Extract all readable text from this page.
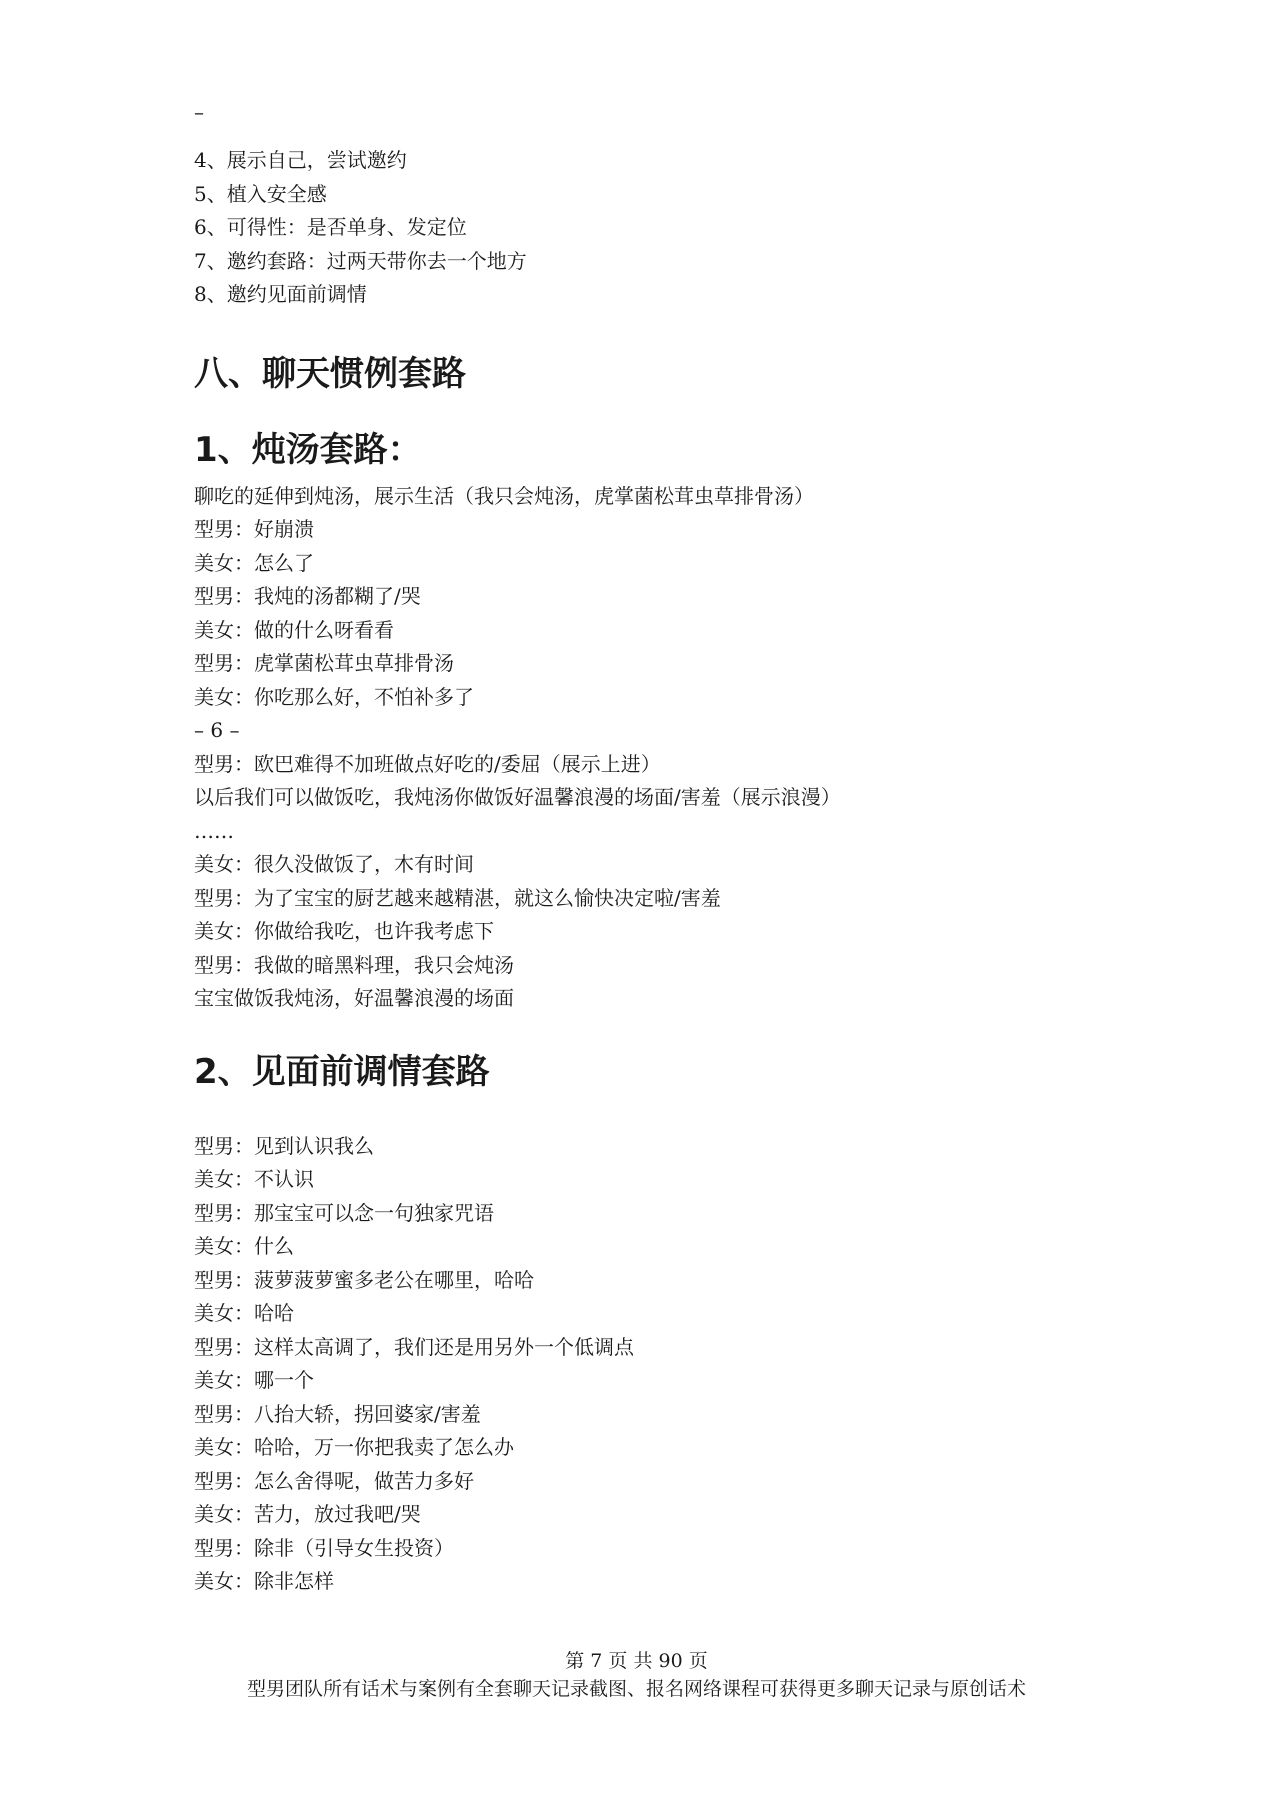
–
4、展示自己，尝试邀约
5、植入安全感
6、可得性：是否单身、发定位
7、邀约套路：过两天带你去一个地方
8、邀约见面前调情
八、聊天惯例套路
1、炖汤套路：
聊吃的延伸到炖汤，展示生活（我只会炖汤，虎掌菌松茸虫草排骨汤）
型男：好崩溃
美女：怎么了
型男：我炖的汤都糊了/哭
美女：做的什么呀看看
型男：虎掌菌松茸虫草排骨汤
美女：你吃那么好，不怕补多了
– 6 –
型男：欧巴难得不加班做点好吃的/委屈（展示上进）
以后我们可以做饭吃，我炖汤你做饭好温馨浪漫的场面/害羞（展示浪漫）
……
美女：很久没做饭了，木有时间
型男：为了宝宝的厨艺越来越精湛，就这么愉快决定啦/害羞
美女：你做给我吃，也许我考虑下
型男：我做的暗黑料理，我只会炖汤
宝宝做饭我炖汤，好温馨浪漫的场面
2、见面前调情套路
型男：见到认识我么
美女：不认识
型男：那宝宝可以念一句独家咒语
美女：什么
型男：菠萝菠萝蜜多老公在哪里，哈哈
美女：哈哈
型男：这样太高调了，我们还是用另外一个低调点
美女：哪一个
型男：八抬大轿，拐回婆家/害羞
美女：哈哈，万一你把我卖了怎么办
型男：怎么舍得呢，做苦力多好
美女：苦力，放过我吧/哭
型男：除非（引导女生投资）
美女：除非怎样
第 7 页 共 90 页
型男团队所有话术与案例有全套聊天记录截图、报名网络课程可获得更多聊天记录与原创话术
